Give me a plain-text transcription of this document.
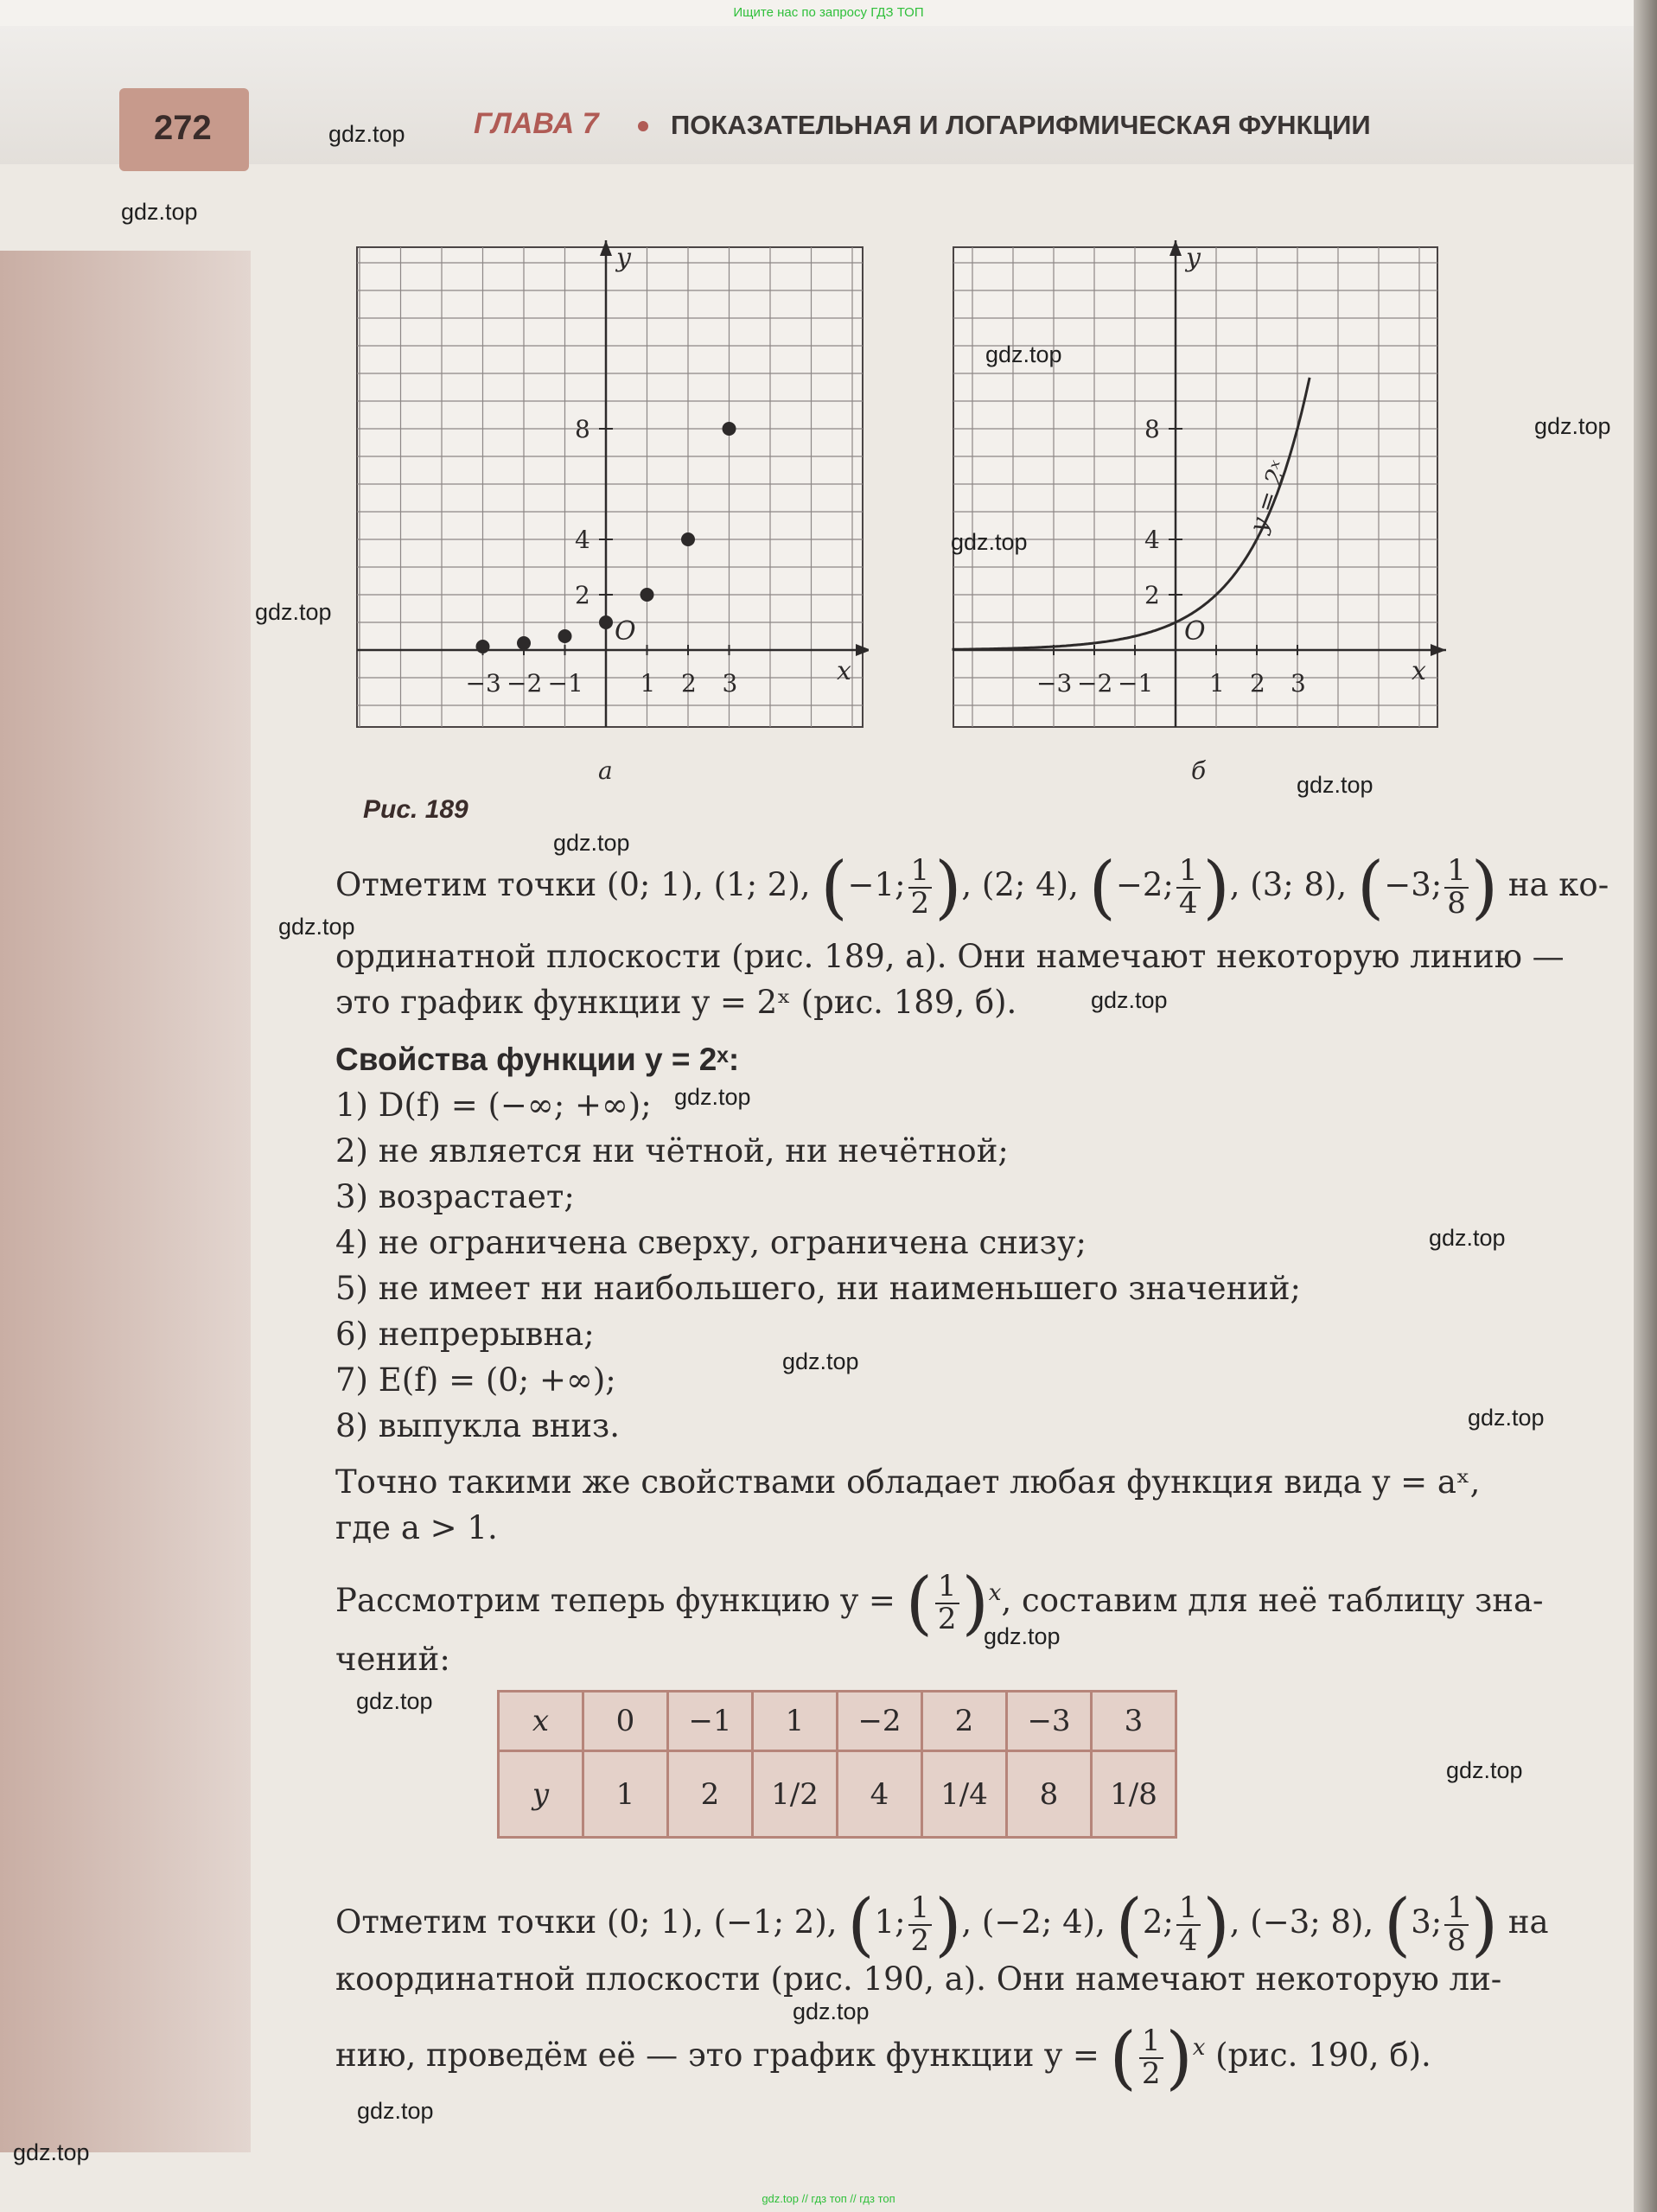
Ищите нас по запросу ГДЗ ТОП
272	ГЛАВА 7	ПОКАЗАТЕЛЬНАЯ И ЛОГАРИФМИЧЕСКАЯ ФУНКЦИИ
x
y
O
−3 −2 −1 1 2 3
2
4
8
а
x
y
O
−3 −2 −1 1 2 3
2
4
8
y = 2ˣ
б
Рис. 189
Отметим точки (0; 1), (1; 2), (−1; $\frac{1}{2}$ ), (2; 4), (−2; $\frac{1}{4}$ ), (3; 8), (−3; $\frac{1}{8}$ ) на ко-
ординатной плоскости (рис. 189, а). Они намечают некоторую линию —
это график функции y = 2ˣ (рис. 189, б).
Свойства функции y = 2ˣ:
1) D(f) = (−∞; +∞);
2) не является ни чётной, ни нечётной;
3) возрастает;
4) не ограничена сверху, ограничена снизу;
5) не имеет ни наибольшего, ни наименьшего значений;
6) непрерывна;
7) E(f) = (0; +∞);
8) выпукла вниз.
Точно такими же свойствами обладает любая функция вида y = aˣ,
где a > 1.
Рассмотрим теперь функцию y = ( $\frac{1}{2} )^x$, составим для неё таблицу зна-
чений:
x	0	−1	1	−2	2	−3	3
y	1	2	1/2	4	1/4	8	1/8
Отметим точки (0; 1), (−1; 2), (1; $\frac{1}{2}$ ), (−2; 4), (2; $\frac{1}{4}$ ), (−3; 8), (3; $\frac{1}{8}$ ) на
координатной плоскости (рис. 190, а). Они намечают некоторую ли-
нию, проведём её — это график функции y = ( $\frac{1}{2} )^x$ (рис. 190, б).
gdz.top
gdz.top
gdz.top
gdz.top
gdz.top
gdz.top
gdz.top
gdz.top
gdz.top
gdz.top
gdz.top
gdz.top
gdz.top
gdz.top
gdz.top
gdz.top
gdz.top
gdz.top
gdz.top
gdz.top
gdz.top // гдз топ // гдз топ
